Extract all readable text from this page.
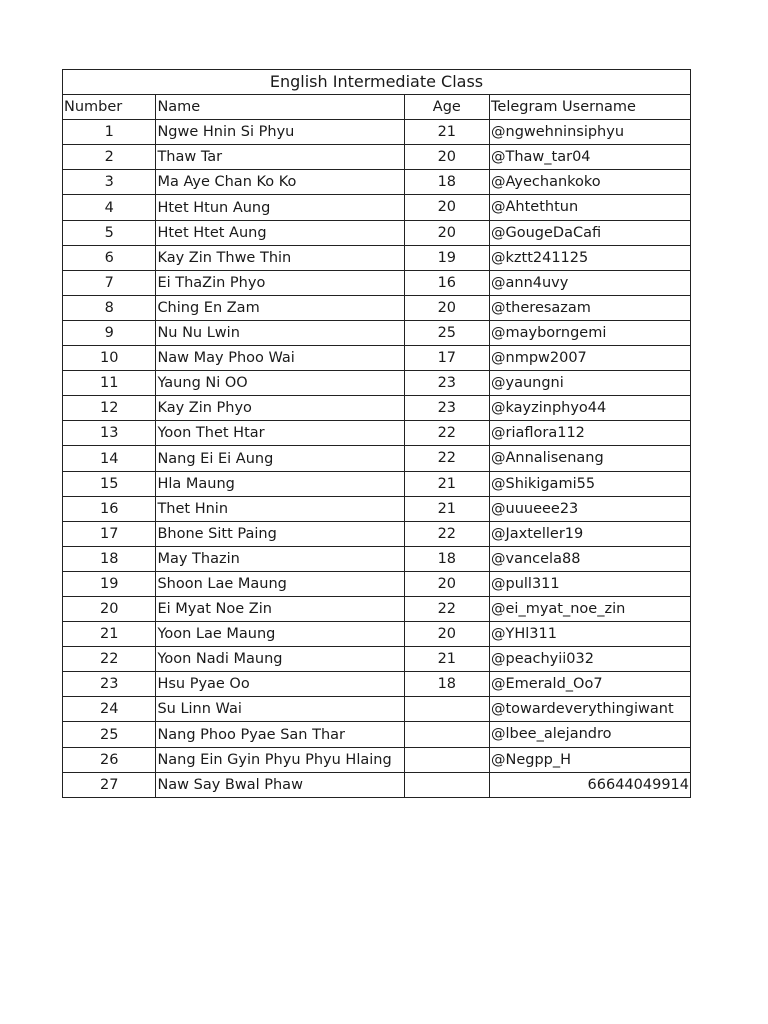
English Intermediate Class			
Number	Name	Age	Telegram Username
1	Ngwe Hnin Si Phyu	21	@ngwehninsiphyu
2	Thaw Tar	20	@Thaw_tar04
3	Ma Aye Chan Ko Ko	18	@Ayechankoko
4	Htet Htun Aung	20	@Ahtethtun
5	Htet Htet Aung	20	@GougeDaCafi
6	Kay Zin Thwe Thin	19	@kztt241125
7	Ei ThaZin Phyo	16	@ann4uvy
8	Ching En Zam	20	@theresazam
9	Nu Nu Lwin	25	@mayborngemi
10	Naw May Phoo Wai	17	@nmpw2007
11	Yaung Ni OO	23	@yaungni
12	Kay Zin Phyo	23	@kayzinphyo44
13	Yoon Thet Htar	22	@riaflora112
14	Nang Ei Ei Aung	22	@Annalisenang
15	Hla Maung	21	@Shikigami55
16	Thet Hnin	21	@uuueee23
17	Bhone Sitt Paing	22	@Jaxteller19
18	May Thazin	18	@vancela88
19	Shoon Lae Maung	20	@pull311
20	Ei Myat Noe Zin	22	@ei_myat_noe_zin
21	Yoon Lae Maung	20	@YHl311
22	Yoon Nadi Maung	21	@peachyii032
23	Hsu Pyae Oo	18	@Emerald_Oo7
24	Su Linn Wai		@towardeverythingiwant
25	Nang Phoo Pyae San Thar		@lbee_alejandro
26	Nang Ein Gyin Phyu Phyu Hlaing		@Negpp_H
27	Naw Say Bwal Phaw		66644049914
